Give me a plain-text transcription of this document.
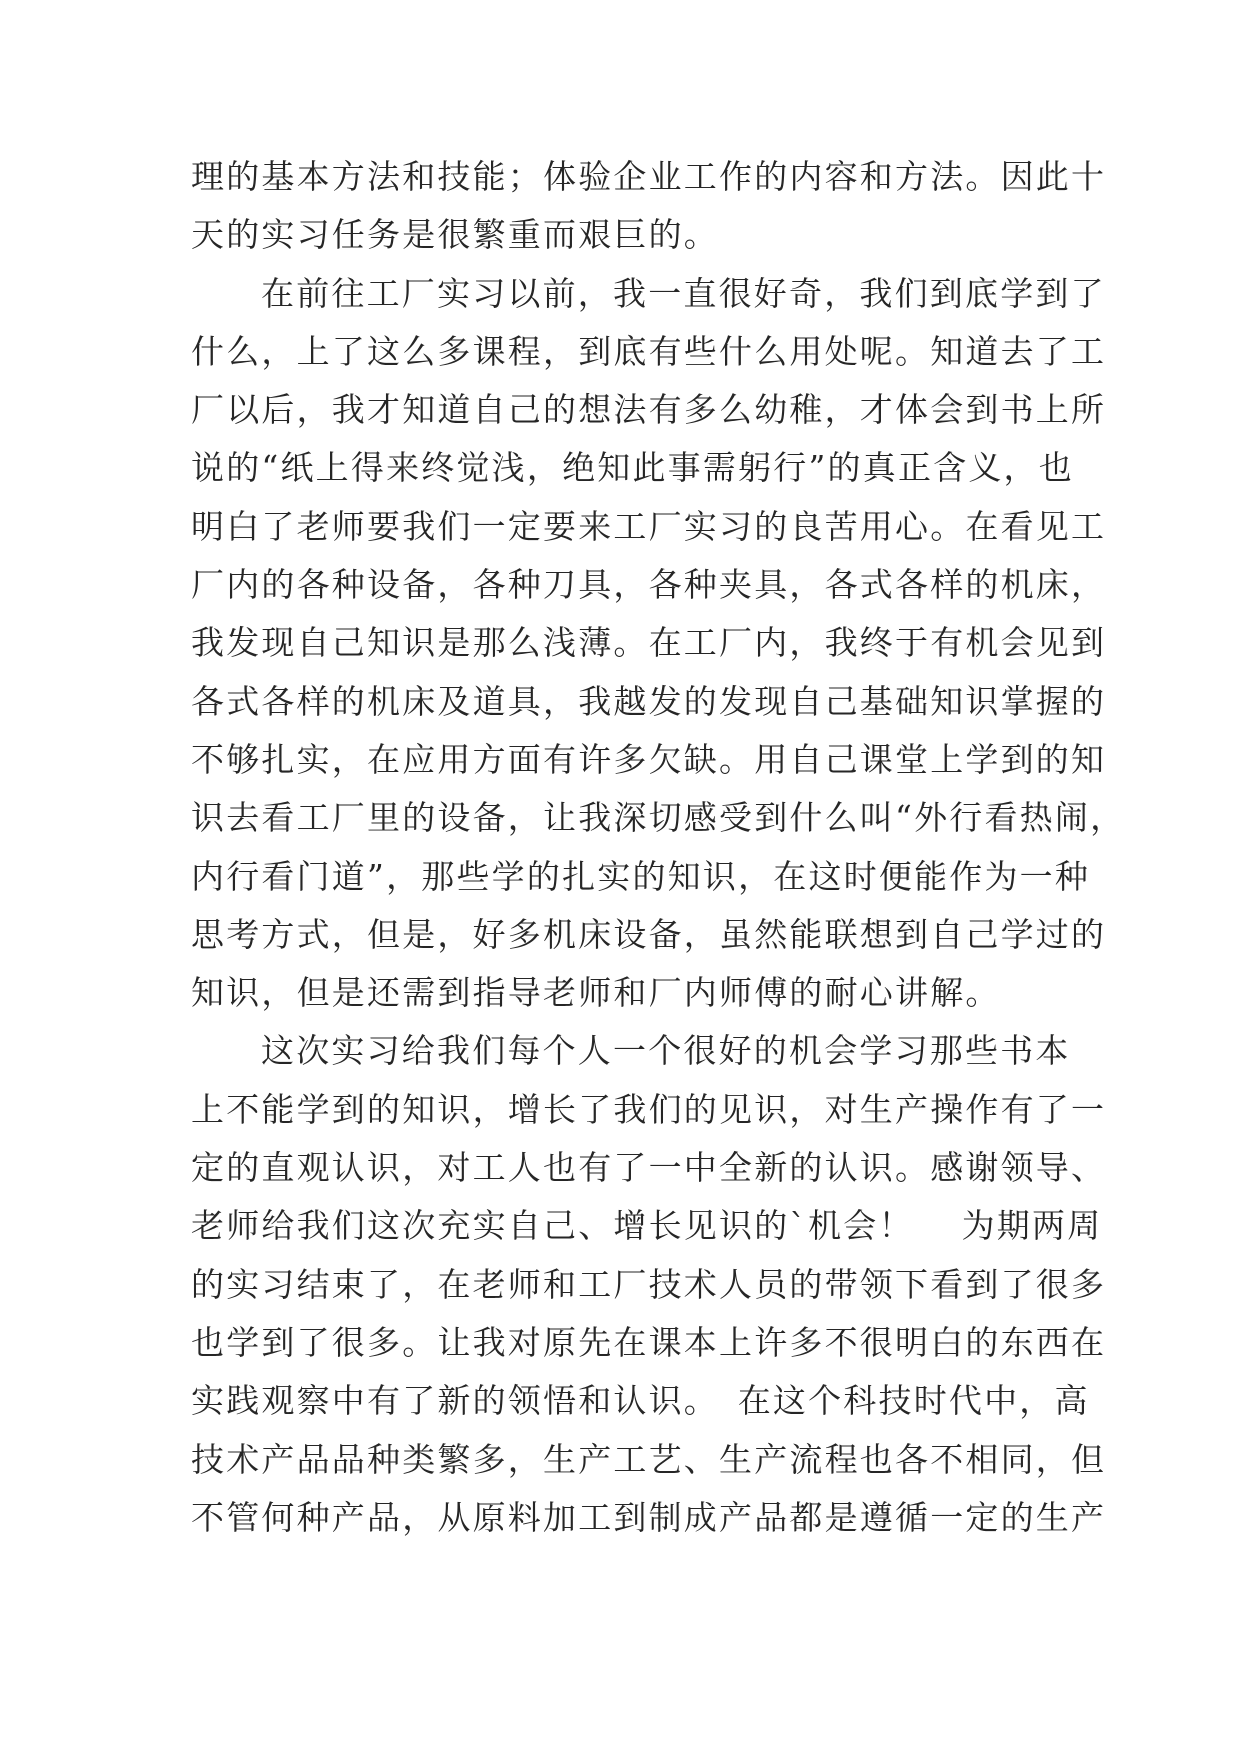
理的基本方法和技能；体验企业工作的内容和方法。因此十
天的实习任务是很繁重而艰巨的。
在前往工厂实习以前，我一直很好奇，我们到底学到了
什么，上了这么多课程，到底有些什么用处呢。知道去了工
厂以后，我才知道自己的想法有多么幼稚，才体会到书上所
说的“纸上得来终觉浅，绝知此事需躬行”的真正含义，也
明白了老师要我们一定要来工厂实习的良苦用心。在看见工
厂内的各种设备，各种刀具，各种夹具，各式各样的机床，
我发现自己知识是那么浅薄。在工厂内，我终于有机会见到
各式各样的机床及道具，我越发的发现自己基础知识掌握的
不够扎实，在应用方面有许多欠缺。用自己课堂上学到的知
识去看工厂里的设备，让我深切感受到什么叫“外行看热闹，
内行看门道”，那些学的扎实的知识，在这时便能作为一种
思考方式，但是，好多机床设备，虽然能联想到自己学过的
知识，但是还需到指导老师和厂内师傅的耐心讲解。
这次实习给我们每个人一个很好的机会学习那些书本
上不能学到的知识，增长了我们的见识，对生产操作有了一
定的直观认识，对工人也有了一中全新的认识。感谢领导、
老师给我们这次充实自己、增长见识的`机会！　 为期两周
的实习结束了，在老师和工厂技术人员的带领下看到了很多
也学到了很多。让我对原先在课本上许多不很明白的东西在
实践观察中有了新的领悟和认识。　在这个科技时代中，高
技术产品品种类繁多，生产工艺、生产流程也各不相同，但
不管何种产品，从原料加工到制成产品都是遵循一定的生产
